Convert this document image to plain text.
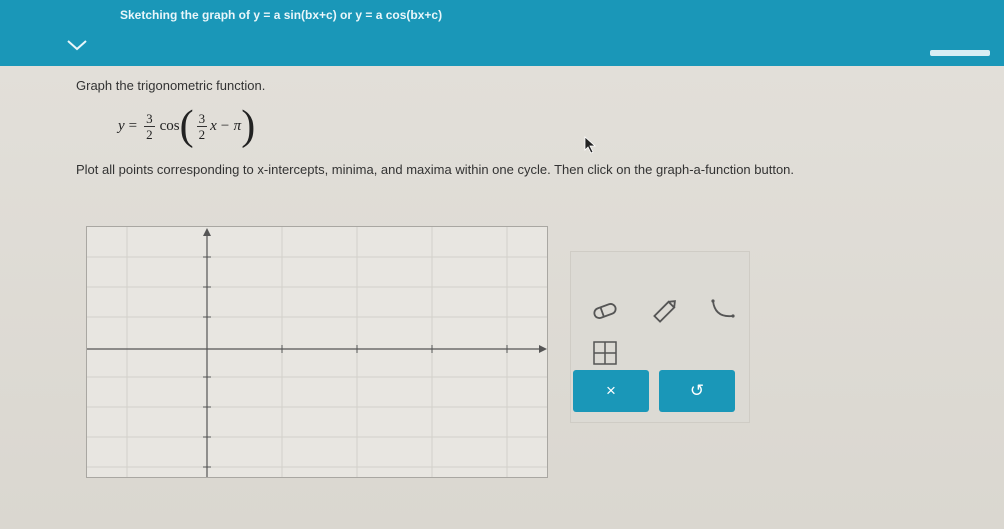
Sketching the graph of y = a sin(bx+c) or y = a cos(bx+c)
Graph the trigonometric function.
$y = \frac{3}{2}$ cos ( $\frac{3}{2}$ x − π )
Plot all points corresponding to x-intercepts, minima, and maxima within one cycle. Then click on the graph-a-function button.
×	↺
